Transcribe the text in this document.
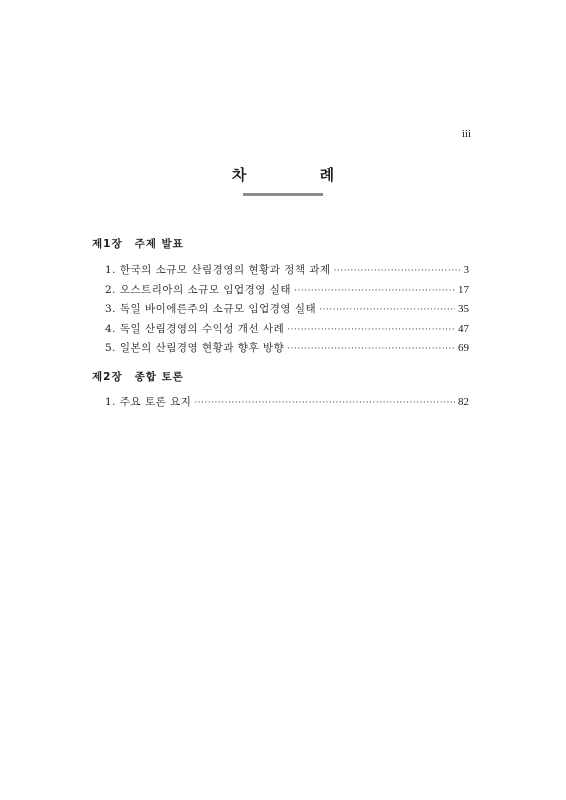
iii
차 례
제1장 주제 발표
1. 한국의 소규모 산림경영의 현황과 정책 과제 ·····	3
2. 오스트리아의 소규모 임업경영 실태 ·····	17
3. 독일 바이에른주의 소규모 임업경영 실태 ·····	35
4. 독일 산림경영의 수익성 개선 사례 ·····	47
5. 일본의 산림경영 현황과 향후 방향 ·····	69
제2장 종합 토론
1. 주요 토론 요지 ·····	82
